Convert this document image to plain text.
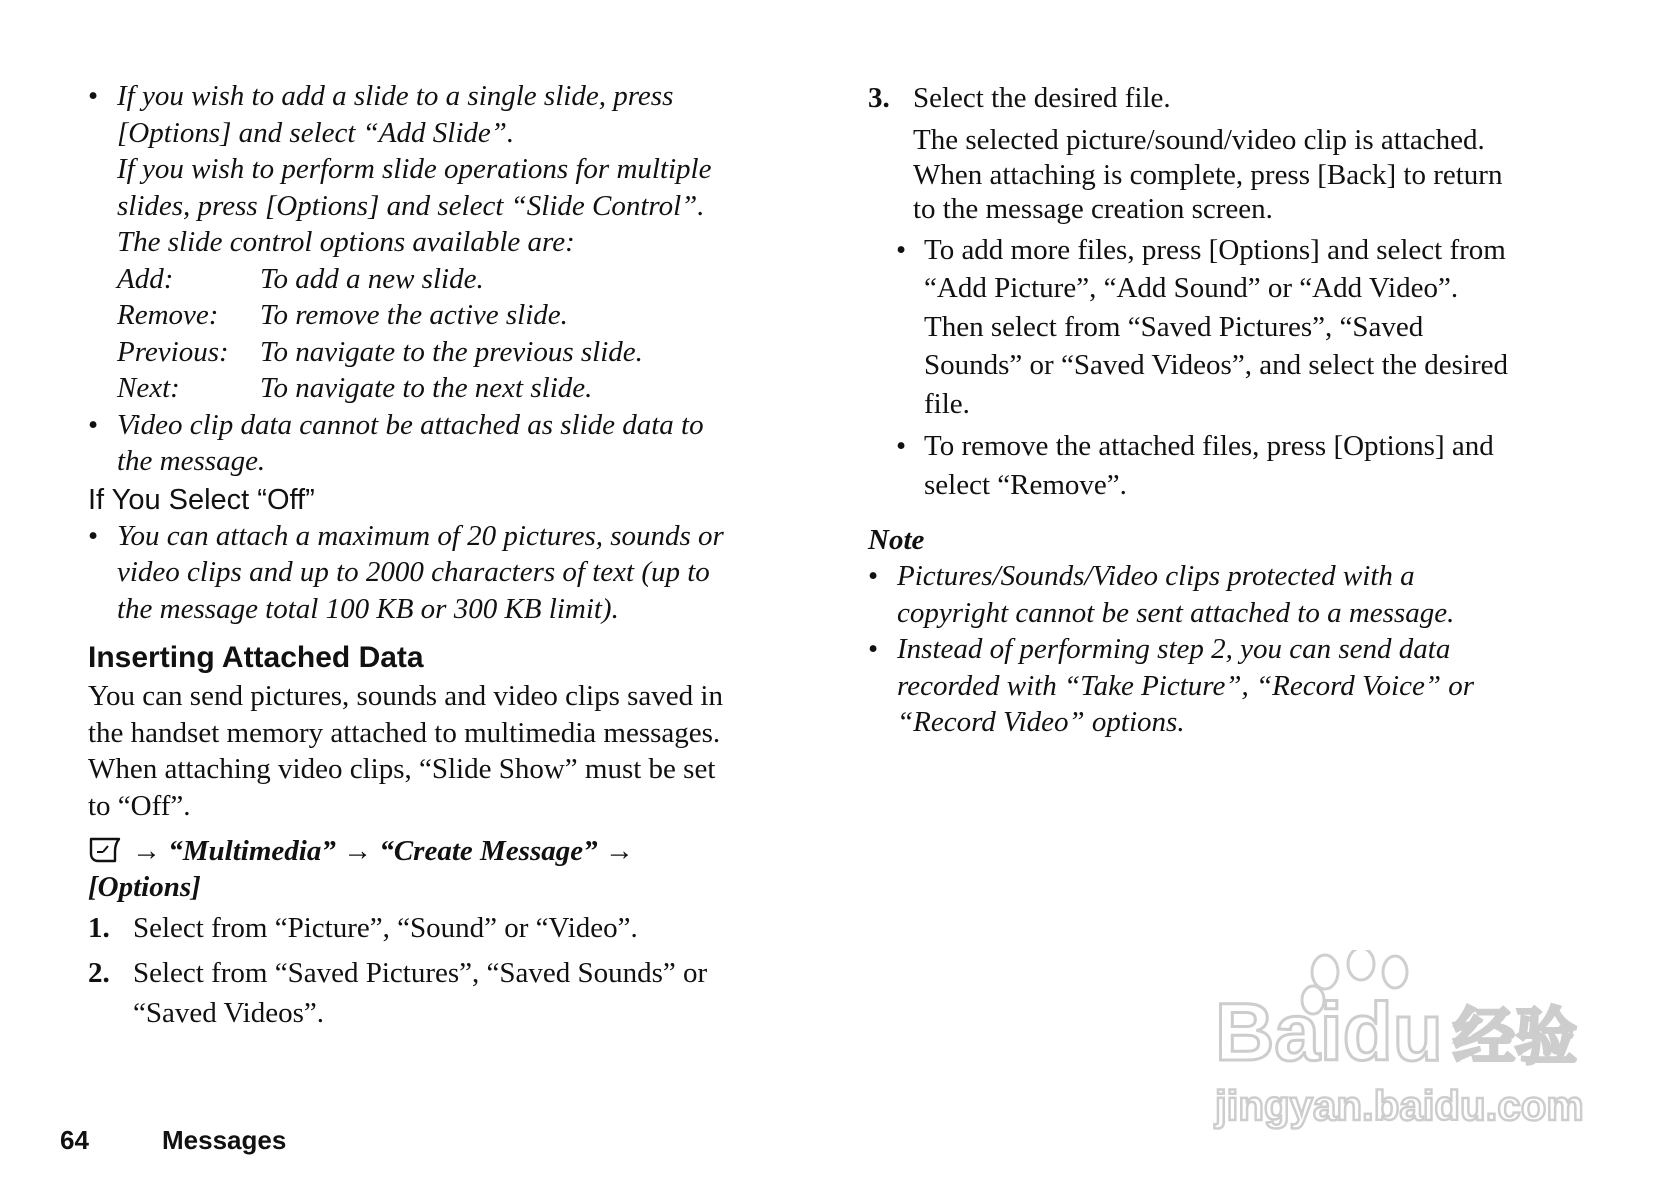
• If you wish to add a slide to a single slide, press
[Options] and select “Add Slide”.
If you wish to perform slide operations for multiple
slides, press [Options] and select “Slide Control”.
The slide control options available are:
Add:	To add a new slide.
Remove:	To remove the active slide.
Previous:	To navigate to the previous slide.
Next:	To navigate to the next slide.
• Video clip data cannot be attached as slide data to
the message.
If You Select “Off”
• You can attach a maximum of 20 pictures, sounds or
video clips and up to 2000 characters of text (up to
the message total 100 KB or 300 KB limit).
Inserting Attached Data
You can send pictures, sounds and video clips saved in
the handset memory attached to multimedia messages.
When attaching video clips, “Slide Show” must be set
to “Off”.
→ “Multimedia” → “Create Message” →
[Options]
1. Select from “Picture”, “Sound” or “Video”.
2. Select from “Saved Pictures”, “Saved Sounds” or
“Saved Videos”.
3. Select the desired file.
The selected picture/sound/video clip is attached.
When attaching is complete, press [Back] to return
to the message creation screen.
• To add more files, press [Options] and select from
“Add Picture”, “Add Sound” or “Add Video”.
Then select from “Saved Pictures”, “Saved
Sounds” or “Saved Videos”, and select the desired
file.
• To remove the attached files, press [Options] and
select “Remove”.
Note
• Pictures/Sounds/Video clips protected with a
copyright cannot be sent attached to a message.
• Instead of performing step 2, you can send data
recorded with “Take Picture”, “Record Voice” or
“Record Video” options.
Baidu 经验
jingyan.baidu.com
64	Messages
